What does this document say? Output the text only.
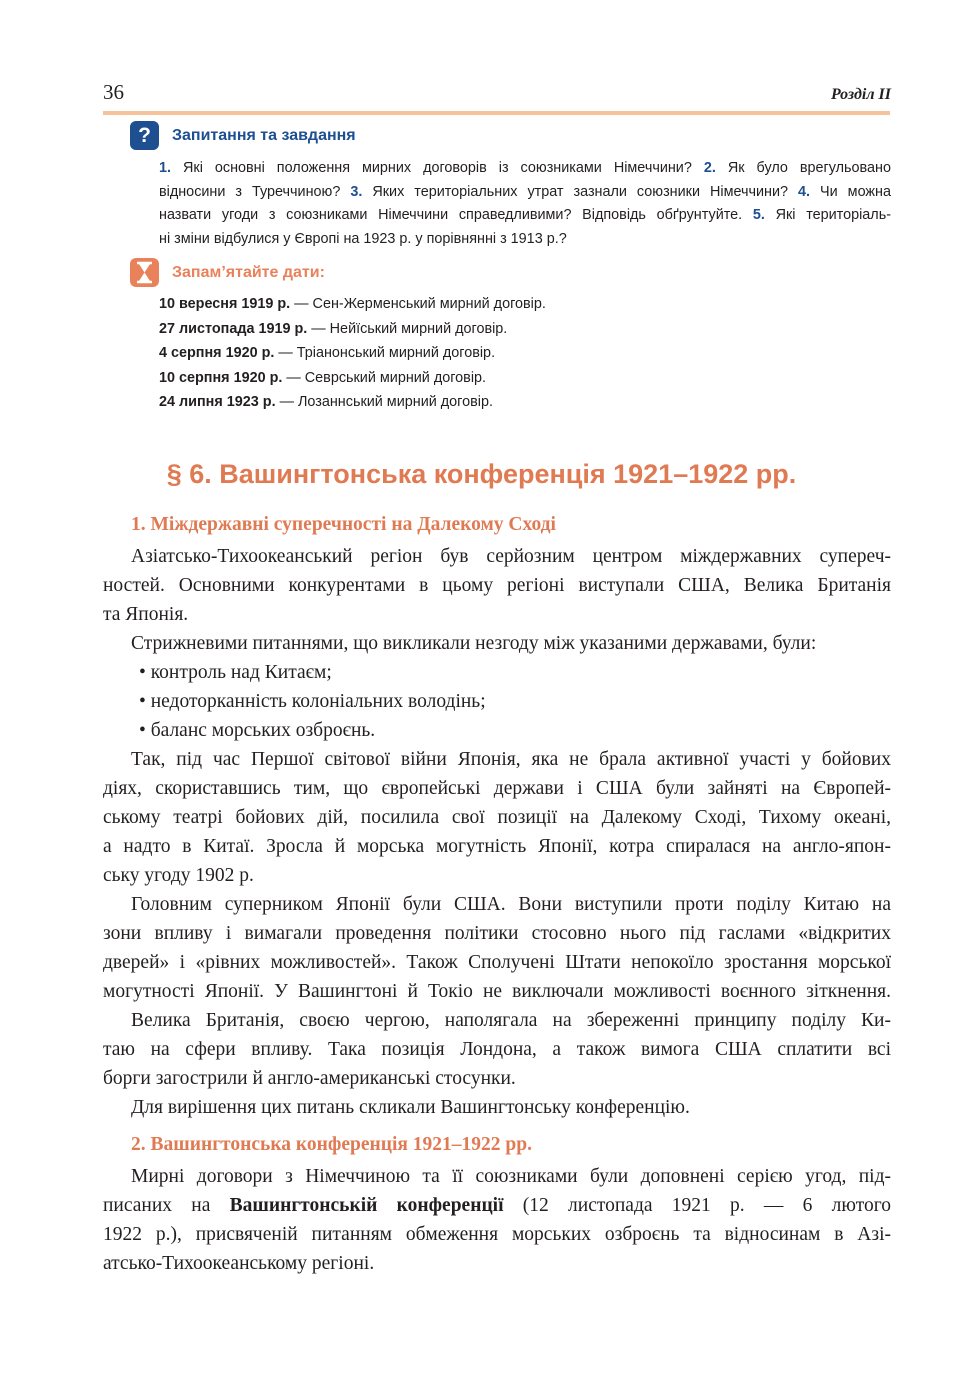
36	Розділ II
?	Запитання та завдання
1. Які основні положення мирних договорів із союзниками Німеччини? 2. Як було врегульовано
відносини з Туреччиною? 3. Яких територіальних утрат зазнали союзники Німеччини? 4. Чи можна
назвати угоди з союзниками Німеччини справедливими? Відповідь обґрунтуйте. 5. Які територіаль-
ні зміни відбулися у Європі на 1923 р. у порівнянні з 1913 р.?
Запам’ятайте дати:
10 вересня 1919 р. — Сен-Жерменський мирний договір.
27 листопада 1919 р. — Нейїський мирний договір.
4 серпня 1920 р. — Тріанонський мирний договір.
10 серпня 1920 р. — Севрський мирний договір.
24 липня 1923 р. — Лозаннський мирний договір.
§ 6. Вашингтонська конференція 1921–1922 рр.
1. Міждержавні суперечності на Далекому Сході
Азіатсько-Тихоокеанський регіон був серйозним центром міждержавних супереч-
ностей. Основними конкурентами в цьому регіоні виступали США, Велика Британія
та Японія.
Стрижневими питаннями, що викликали незгоду між указаними державами, були:
• контроль над Китаєм;
• недоторканність колоніальних володінь;
• баланс морських озброєнь.
Так, під час Першої світової війни Японія, яка не брала активної участі у бойових
діях, скориставшись тим, що європейські держави і США були зайняті на Європей-
ському театрі бойових дій, посилила свої позиції на Далекому Сході, Тихому океані,
а надто в Китаї. Зросла й морська могутність Японії, котра спиралася на англо-япон-
ську угоду 1902 р.
Головним суперником Японії були США. Вони виступили проти поділу Китаю на
зони впливу і вимагали проведення політики стосовно нього під гаслами «відкритих
дверей» і «рівних можливостей». Також Сполучені Штати непокоїло зростання морської
могутності Японії. У Вашингтоні й Токіо не виключали можливості воєнного зіткнення.
Велика Британія, своєю чергою, наполягала на збереженні принципу поділу Ки-
таю на сфери впливу. Така позиція Лондона, а також вимога США сплатити всі
борги загострили й англо-американські стосунки.
Для вирішення цих питань скликали Вашингтонську конференцію.
2. Вашингтонська конференція 1921–1922 рр.
Мирні договори з Німеччиною та її союзниками були доповнені серією угод, під-
писаних на Вашингтонській конференції (12 листопада 1921 р. — 6 лютого
1922 р.), присвяченій питанням обмеження морських озброєнь та відносинам в Азі-
атсько-Тихоокеанському регіоні.
